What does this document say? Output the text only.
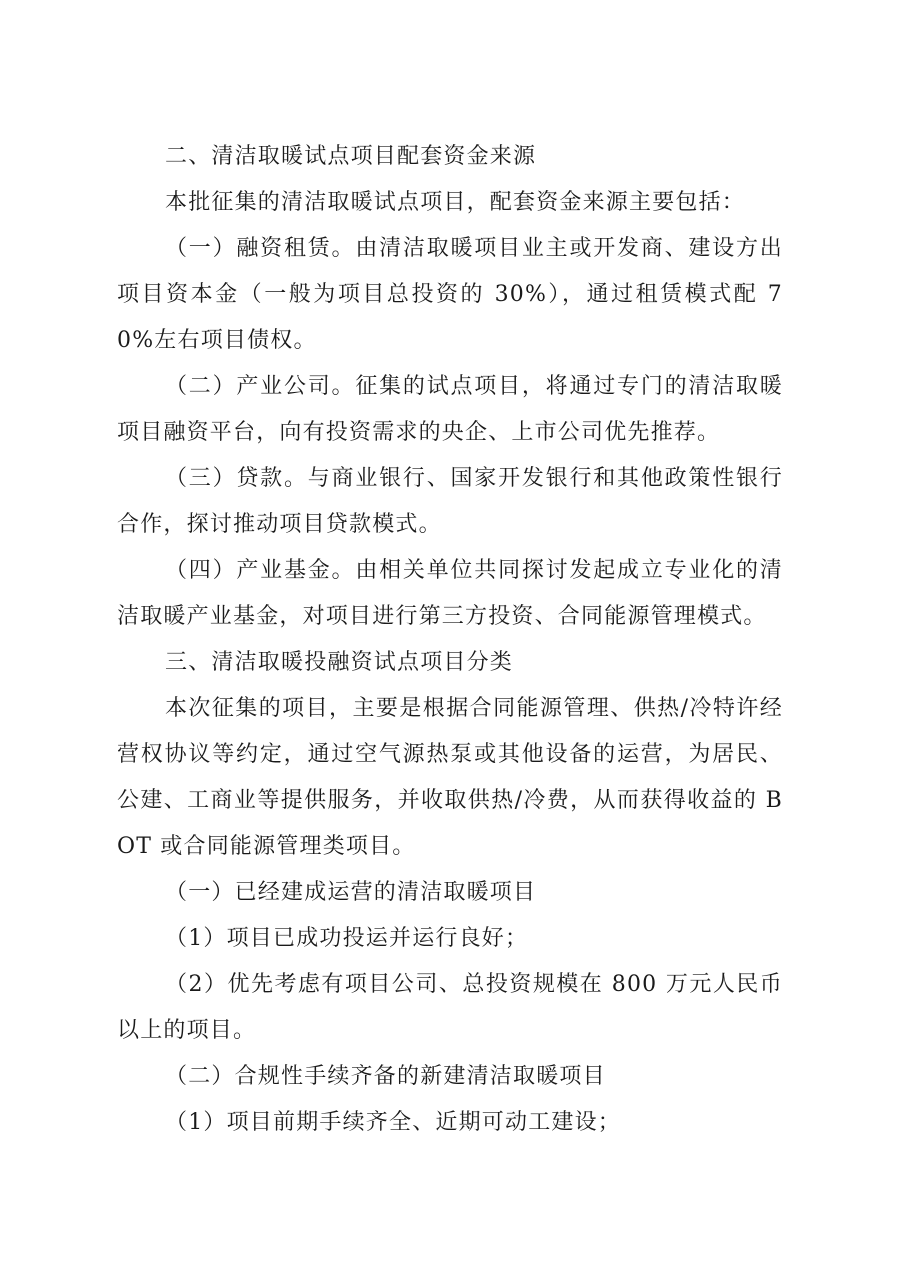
二、清洁取暖试点项目配套资金来源

本批征集的清洁取暖试点项目，配套资金来源主要包括：

（一）融资租赁。由清洁取暖项目业主或开发商、建设方出项目资本金（一般为项目总投资的 30%），通过租赁模式配 70%左右项目债权。

（二）产业公司。征集的试点项目，将通过专门的清洁取暖项目融资平台，向有投资需求的央企、上市公司优先推荐。

（三）贷款。与商业银行、国家开发银行和其他政策性银行合作，探讨推动项目贷款模式。

（四）产业基金。由相关单位共同探讨发起成立专业化的清洁取暖产业基金，对项目进行第三方投资、合同能源管理模式。

三、清洁取暖投融资试点项目分类

本次征集的项目，主要是根据合同能源管理、供热/冷特许经营权协议等约定，通过空气源热泵或其他设备的运营，为居民、公建、工商业等提供服务，并收取供热/冷费，从而获得收益的 BOT 或合同能源管理类项目。

（一）已经建成运营的清洁取暖项目

（1）项目已成功投运并运行良好；

（2）优先考虑有项目公司、总投资规模在 800 万元人民币以上的项目。

（二）合规性手续齐备的新建清洁取暖项目

（1）项目前期手续齐全、近期可动工建设；
